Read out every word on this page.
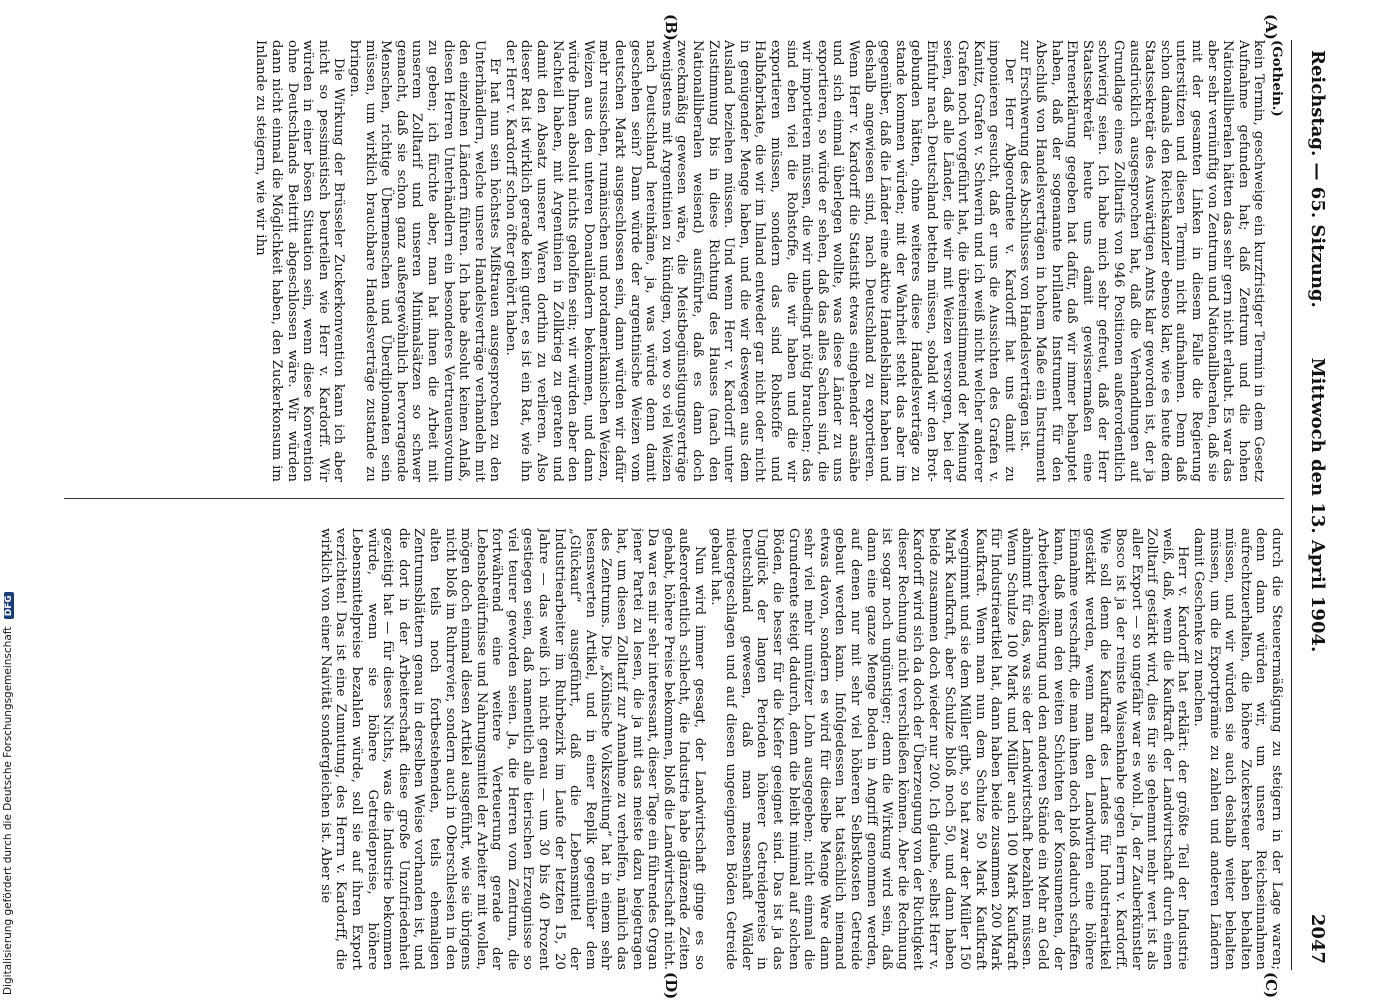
Reichstag. — 65. Sitzung.
Mittwoch den 13. April 1904.
2047
(A)
(B)
(C)
(D)

(Gothein.)

kein Termin, geschweige ein kurzfristiger Termin in dem Gesetz Aufnahme gefunden hat; daß Zentrum und die hohen Nationalliberalen hätten das sehr gern nicht erlaubt. Es war das aber sehr vernünftig von Zentrum und Nationalliberalen, daß sie mit der gesamten Linken in diesem Falle die Regierung unterstützen und diesen Termin nicht aufnahmen. Denn daß schon damals den Reichskanzler ebenso klar, wie es heute dem Staatssekretär des Auswärtigen Amts klar geworden ist, der ja ausdrücklich ausgesprochen hat, daß die Verhandlungen auf Grundlage eines Zolltarifs von 946 Positionen außerordentlich schwierig seien. Ich habe mich sehr gefreut, daß der Herr Staatssekretär heute uns damit gewissermaßen eine Ehrenerklärung gegeben hat dafür, daß wir immer behauptet haben, daß der sogenannte brillante Instrument für den Abschluß von Handelsverträgen in hohem Maße ein Instrument zur Erschwerung des Abschlusses von Handelsverträgen ist.

Der Herr Abgeordnete v. Kardorff hat uns damit zu imponieren gesucht, daß er uns die Aussichten des Grafen v. Kanitz, Grafen v. Schwerin und ich weiß nicht welcher anderer Grafen noch vorgeführt hat, die übereinstimmend der Meinung seien, daß alle Länder, die wir mit Weizen versorgen, bei der Einfuhr nach Deutschland betteln müssen, sobald wir den Brot- gebunden hätten, ohne weiteres diese Handelsverträge zu stande kommen würden; mit der Wahrheit steht das aber im gegenüber, daß die Länder eine aktive Handelsbilanz haben und deshalb angewiesen sind, nach Deutschland zu exportieren. Wenn Herr v. Kardorff die Statistik etwas eingehender ansähe und sich einmal überlegen wollte, was diese Länder zu uns exportieren, so würde er sehen, daß das alles Sachen sind, die wir importieren müssen, die wir unbedingt nötig brauchen; das sind eben viel die Rohstoffe, die wir haben und die wir exportieren müssen, sondern das sind Rohstoffe und Halbfabrikate, die wir im Inland entweder gar nicht oder nicht in genügender Menge haben, und die wir deswegen aus dem Ausland beziehen müssen. Und wenn Herr v. Kardorff unter Zustimmung bis in diese Richtung des Hauses (nach den Nationalliberalen weisend) ausführte, daß es dann doch zweckmäßig gewesen wäre, die Meistbegünstigungsverträge wenigstens mit Argentinien zu kündigen, von wo so viel Weizen nach Deutschland hereinkäme, ja, was würde denn damit geschehen sein? Dann würde der argentinische Weizen vom deutschen Markt ausgeschlossen sein, dann würden wir dafür mehr russischen, rumänischen und nordamerikanischen Weizen, Weizen aus den unteren Donauländern bekommen, und dann würde Ihnen absolut nichts geholfen sein; wir würden aber den Nachteil haben, mit Argentinien in Zollkrieg zu geraten und damit den Absatz unserer Waren dorthin zu verlieren. Also dieser Rat ist wirklich gerade kein guter, es ist ein Rat, wie ihn der Herr v. Kardorff schon öfter gehört haben.

Er hat nun sein höchstes Mißtrauen ausgesprochen zu den Unterhändlern, welche unsere Handelsverträge verhandeln mit den einzelnen Ländern führen. Ich habe absolut keinen Anlaß, diesen Herren Unterhändlern ein besonderes Vertrauensvotum zu geben; ich fürchte aber, man hat ihnen die Arbeit mit unserem Zolltarif und unseren Minimalsätzen so schwer gemacht, daß sie schon ganz außergewöhnlich hervorragende Menschen, richtige Übermenschen und Überdiplomaten sein müssen, um wirklich brauchbare Handelsverträge zustande zu bringen.

Die Wirkung der Brüsseler Zuckerkonvention kann ich aber nicht so pessimistisch beurteilen wie Herr v. Kardorff. Wir würden in einer bösen Situation sein, wenn diese Konvention ohne Deutschlands Beitritt abgeschlossen wäre. Wir würden dann nicht einmal die Möglichkeit haben, den Zuckerkonsum im Inlande zu steigern, wie wir ihn

durch die Steuerermäßigung zu steigern in der Lage waren; denn dann würden wir, um unsere Reichseinnahmen aufrechtzuerhalten, die höhere Zuckersteuer haben behalten müssen, und wir würden sie auch deshalb weiter behalten müssen, um die Exportprämie zu zahlen und anderen Ländern damit Geschenke zu machen.

Herr v. Kardorff hat erklärt: der größte Teil der Industrie weiß, daß, wenn die Kaufkraft der Landwirtschaft durch einen Zolltarif gestärkt wird, dies für sie gehemmt mehr wert ist als aller Export — so ungefähr war es wohl. Ja, der Zauberkünstler Bosco ist ja der reinste Waisenknabe gegen Herrn v. Kardorff. Wie soll denn die Kaufkraft des Landes für Industrieartikel gestärkt werden, wenn man den Landwirten eine höhere Einnahme verschafft, die man ihnen doch bloß dadurch schaffen kann, daß man den weiten Schichten der Konsumenten, der Arbeiterbevölkerung und den anderen Stände ein Mehr an Geld abnimmt für das, was sie der Landwirtschaft bezahlen müssen. Wenn Schulze 100 Mark und Müller auch 100 Mark Kaufkraft für Industrieartikel hat, dann haben beide zusammen 200 Mark Kaufkraft. Wenn man nun dem Schulze 50 Mark Kaufkraft wegnimmt und sie dem Müller gibt, so hat zwar der Müller 150 Mark Kaufkraft, aber Schulze bloß noch 50, und dann haben beide zusammen doch wieder nur 200. Ich glaube, selbst Herr v. Kardorff wird sich da doch der Überzeugung von der Richtigkeit dieser Rechnung nicht verschließen können. Aber die Rechnung ist sogar noch ungünstiger; denn die Wirkung wird sein, daß dann eine ganze Menge Boden in Angriff genommen werden, auf denen nur mit sehr viel höheren Selbstkosten Getreide gebaut werden kann. Infolgedessen hat tatsächlich niemand etwas davon, sondern es wird für dieselbe Menge Ware dann sehr viel mehr unnützer Lohn ausgegeben; nicht einmal die Grundrente steigt dadurch, denn die bleibt minimal auf solchen Böden, die besser für die Kiefer geeignet sind. Das ist ja das Unglück der langen Perioden höherer Getreidepreise in Deutschland gewesen, daß man massenhaft Wälder niedergeschlagen und auf diesen ungeeigneten Böden Getreide gebaut hat.

Nun wird immer gesagt, der Landwirtschaft ginge es so außerordentlich schlecht, die Industrie habe glänzende Zeiten gehabt, höhere Preise bekommen, bloß die Landwirtschaft nicht. Da war es mir sehr interessant, dieser Tage ein führendes Organ jener Partei zu lesen, die ja mit das meiste dazu beigetragen hat, um diesen Zolltarif zur Annahme zu verhelfen, nämlich das des Zentrums. Die „Kölnische Volkszeitung“ hat in einem sehr lesenswerten Artikel, und in einer Replik gegenüber dem „Glückauf“ ausgeführt, daß die Lebensmittel der Industriearbeiter im Ruhrbezirk im Laufe der letzten 15, 20 Jahre — das weiß ich nicht genau — um 30 bis 40 Prozent gestiegen seien, daß namentlich alle tierischen Erzeugnisse so viel teurer geworden seien. Ja, die Herren vom Zentrum, die fortwährend eine weitere Verteuerung gerade der Lebensbedürfnisse und Nahrungsmittel der Arbeiter mit wollen, mögen doch einmal diesen Artikel ausgeführt, wie sie übrigens nicht bloß im Ruhrrevier, sondern auch in Oberschlesien in den alten teils noch fortbestehenden, teils ehemaligen Zentrumsblättern genau in derselben Weise vorhanden ist, und die dort in der Arbeiterschaft diese große Unzufriedenheit gezeitigt hat — für dieses Nichts, was die Industrie bekommen würde, wenn sie höhere Getreidepreise, höhere Lebensmittelpreise bezahlen würde, soll sie auf ihren Export verzichten! Das ist eine Zumutung, des Herrn v. Kardorff, die wirklich von einer Naivität sondergleichen ist. Aber sie

Digitalisierung gefördert durch die Deutsche Forschungsgemeinschaft DFG
